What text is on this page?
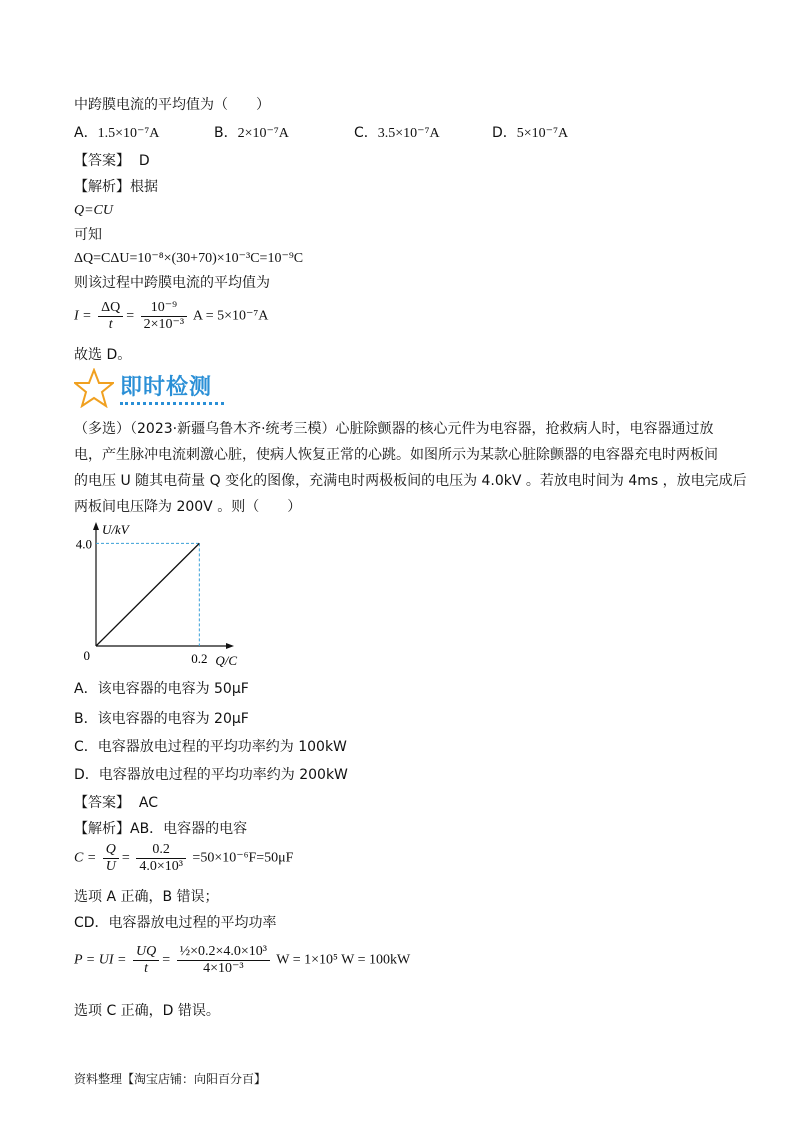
中跨膜电流的平均值为（　　）
A．1.5×10⁻⁷A	B．2×10⁻⁷A	C．3.5×10⁻⁷A	D．5×10⁻⁷A
【答案】 D
【解析】根据
Q=CU
可知
ΔQ=CΔU=10⁻⁸×(30+70)×10⁻³C=10⁻⁹C
则该过程中跨膜电流的平均值为
$I = \frac{\Delta Q}{t} = \frac{\text{10⁻⁹}}{\text{2×10⁻³}}$ A = 5×10⁻⁷A
故选 D。
即时检测
（多选）（2023·新疆乌鲁木齐·统考三模）心脏除颤器的核心元件为电容器，抢救病人时，电容器通过放
电，产生脉冲电流刺激心脏，使病人恢复正常的心跳。如图所示为某款心脏除颤器的电容器充电时两板间
的电压 U 随其电荷量 Q 变化的图像，充满电时两极板间的电压为 4.0kV 。若放电时间为 4ms ，放电完成后
两板间电压降为 200V 。则（　　）
4.0
0.2
0
U/kV
Q/C
A．该电容器的电容为 50μF
B．该电容器的电容为 20μF
C．电容器放电过程的平均功率约为 100kW
D．电容器放电过程的平均功率约为 200kW
【答案】 AC
【解析】AB．电容器的电容
$C = \frac{Q}{U} = \frac{0.2}{\text{4.0×10³}} =50\times 10^{-6}F=50\mu F$
选项 A 正确，B 错误；
CD．电容器放电过程的平均功率
P = UI = $\frac{UQ}{t} = \frac{\text{½×0.2×4.0×10³}}{\text{4×10⁻³}}$ W = 1×10⁵ W = 100kW
选项 C 正确，D 错误。
资料整理【淘宝店铺：向阳百分百】
